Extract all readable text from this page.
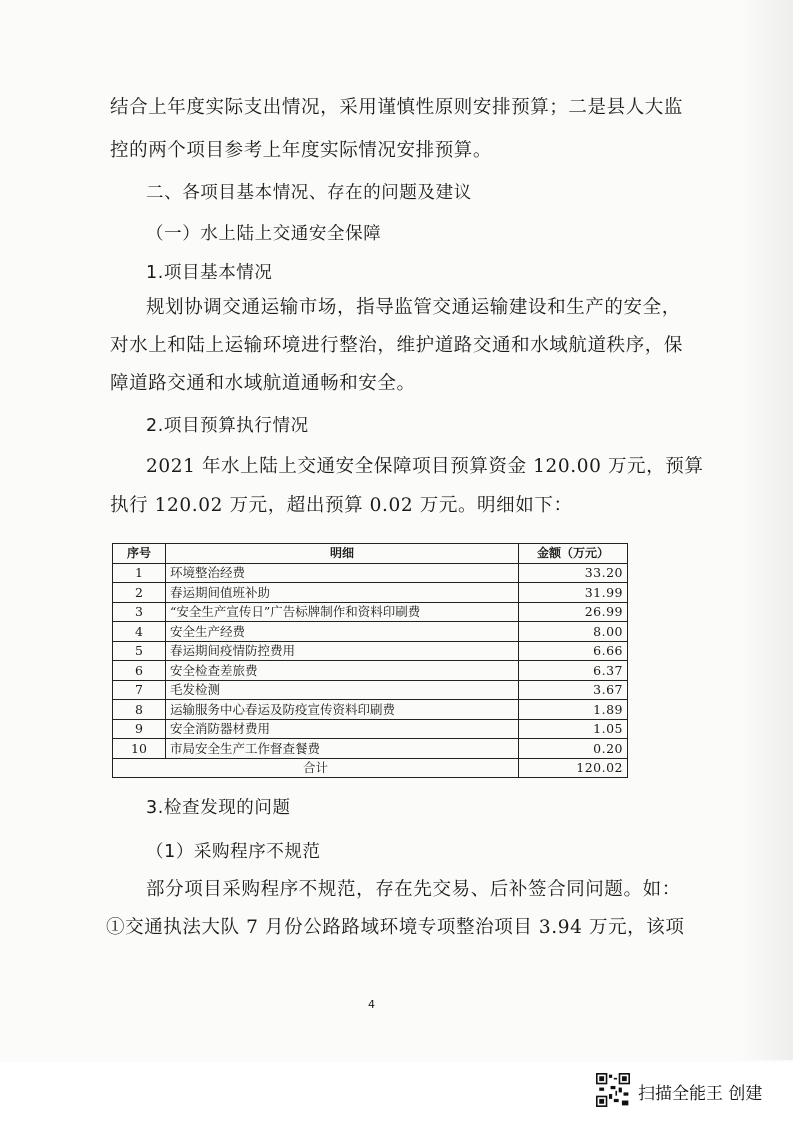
结合上年度实际支出情况，采用谨慎性原则安排预算；二是县人大监
控的两个项目参考上年度实际情况安排预算。
二、各项目基本情况、存在的问题及建议
（一）水上陆上交通安全保障
1.项目基本情况
规划协调交通运输市场，指导监管交通运输建设和生产的安全，
对水上和陆上运输环境进行整治，维护道路交通和水域航道秩序，保
障道路交通和水域航道通畅和安全。
2.项目预算执行情况
2021 年水上陆上交通安全保障项目预算资金 120.00 万元，预算
执行 120.02 万元，超出预算 0.02 万元。明细如下：
序号	明细	金额（万元）
1	环境整治经费	33.20
2	春运期间值班补助	31.99
3	“安全生产宣传日”广告标牌制作和资料印刷费	26.99
4	安全生产经费	8.00
5	春运期间疫情防控费用	6.66
6	安全检查差旅费	6.37
7	毛发检测	3.67
8	运输服务中心春运及防疫宣传资料印刷费	1.89
9	安全消防器材费用	1.05
10	市局安全生产工作督查餐费	0.20
合计		120.02
3.检查发现的问题
（1）采购程序不规范
部分项目采购程序不规范，存在先交易、后补签合同问题。如：
①交通执法大队 7 月份公路路域环境专项整治项目 3.94 万元，该项
4
扫描全能王 创建
